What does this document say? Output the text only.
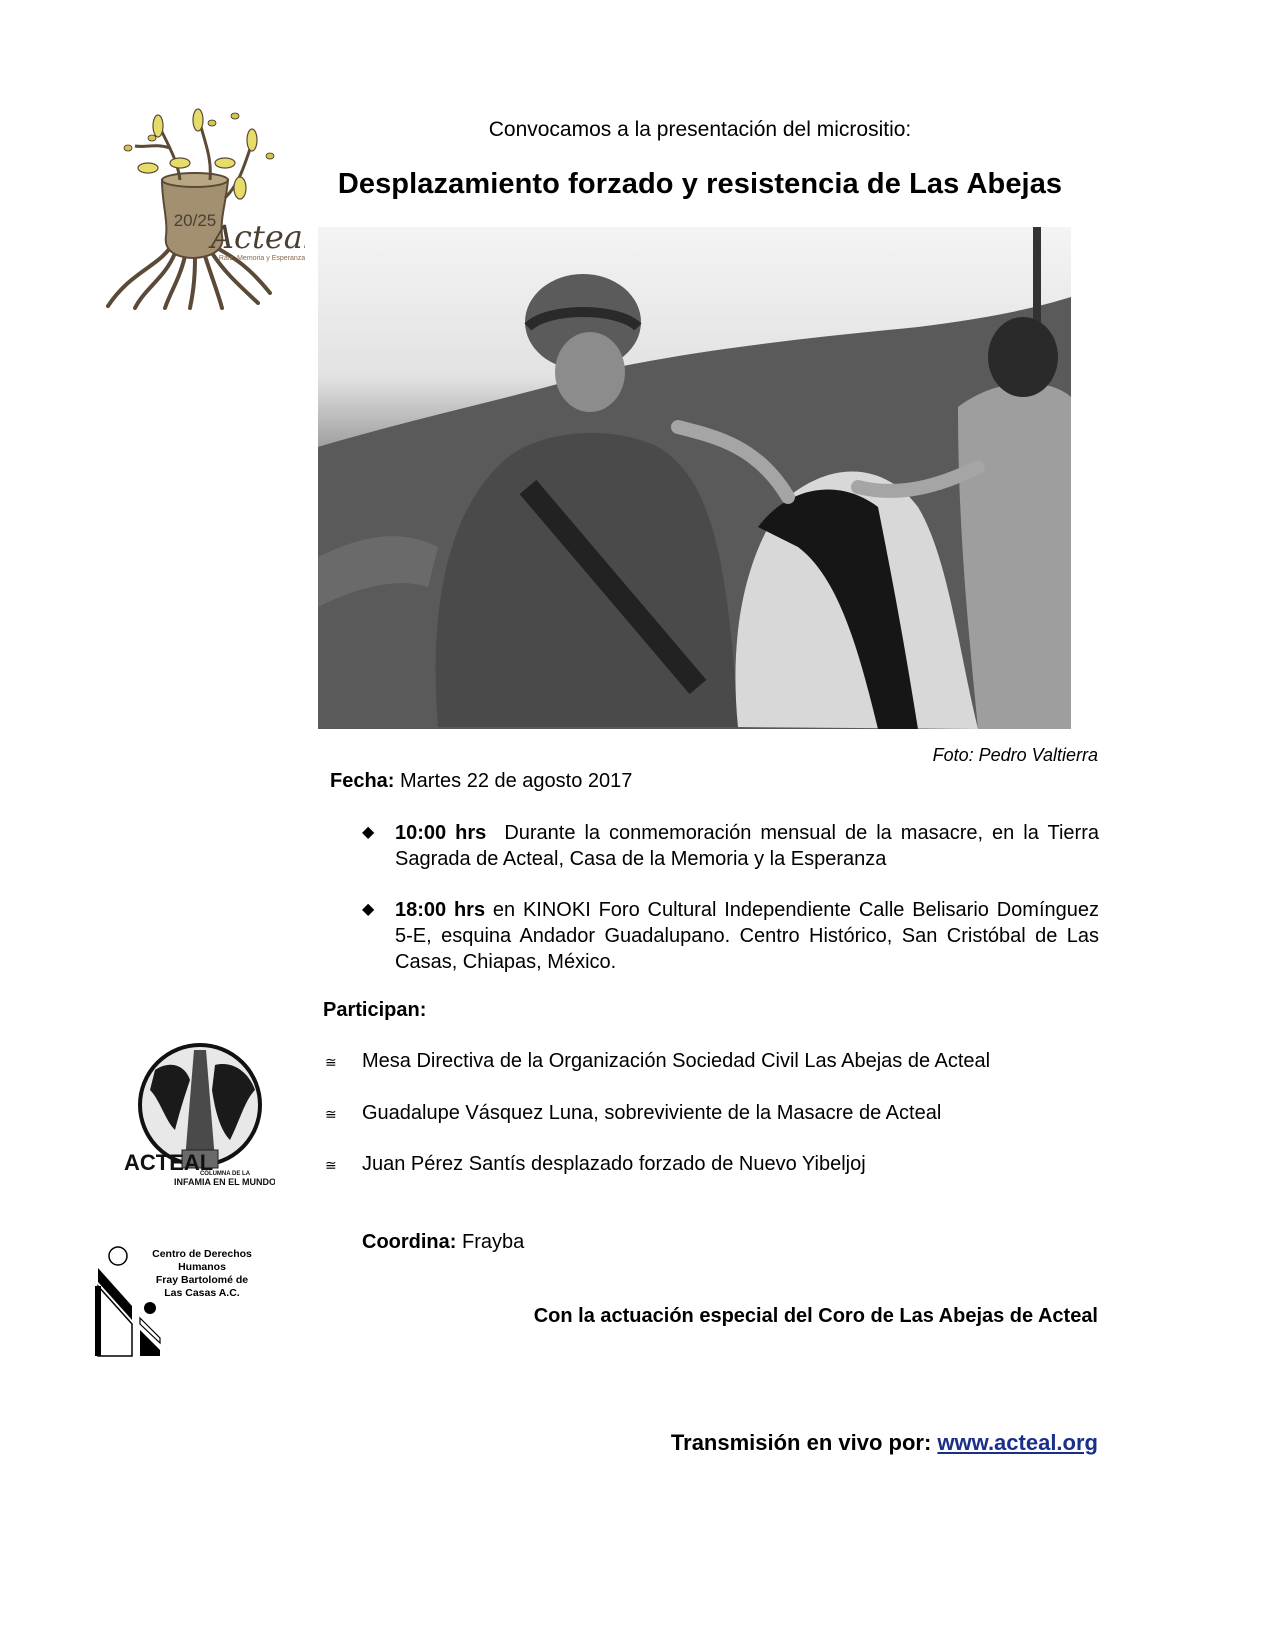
20/25
Acteal
Raíz, Memoria y Esperanza
Convocamos a la presentación del micrositio:
Desplazamiento forzado y resistencia de Las Abejas
Foto: Pedro Valtierra
Fecha: Martes 22 de agosto 2017
◆ 10:00 hrs  Durante la conmemoración mensual de la masacre, en la Tierra Sagrada de Acteal, Casa de la Memoria y la Esperanza
◆ 18:00 hrs en KINOKI Foro Cultural Independiente Calle Belisario Domínguez 5-E, esquina Andador Guadalupano. Centro Histórico, San Cristóbal de Las Casas, Chiapas, México.
Participan:
≅ Mesa Directiva de la Organización Sociedad Civil Las Abejas de Acteal
≅ Guadalupe Vásquez Luna, sobreviviente de la Masacre de Acteal
≅ Juan Pérez Santís desplazado forzado de Nuevo Yibeljoj
Coordina: Frayba
Con la actuación especial del Coro de Las Abejas de Acteal
Transmisión en vivo por: www.acteal.org
ACTEAL
COLUMNA DE LA
INFAMIA EN EL MUNDO
Centro de Derechos
Humanos
Fray Bartolomé de
Las Casas A.C.
